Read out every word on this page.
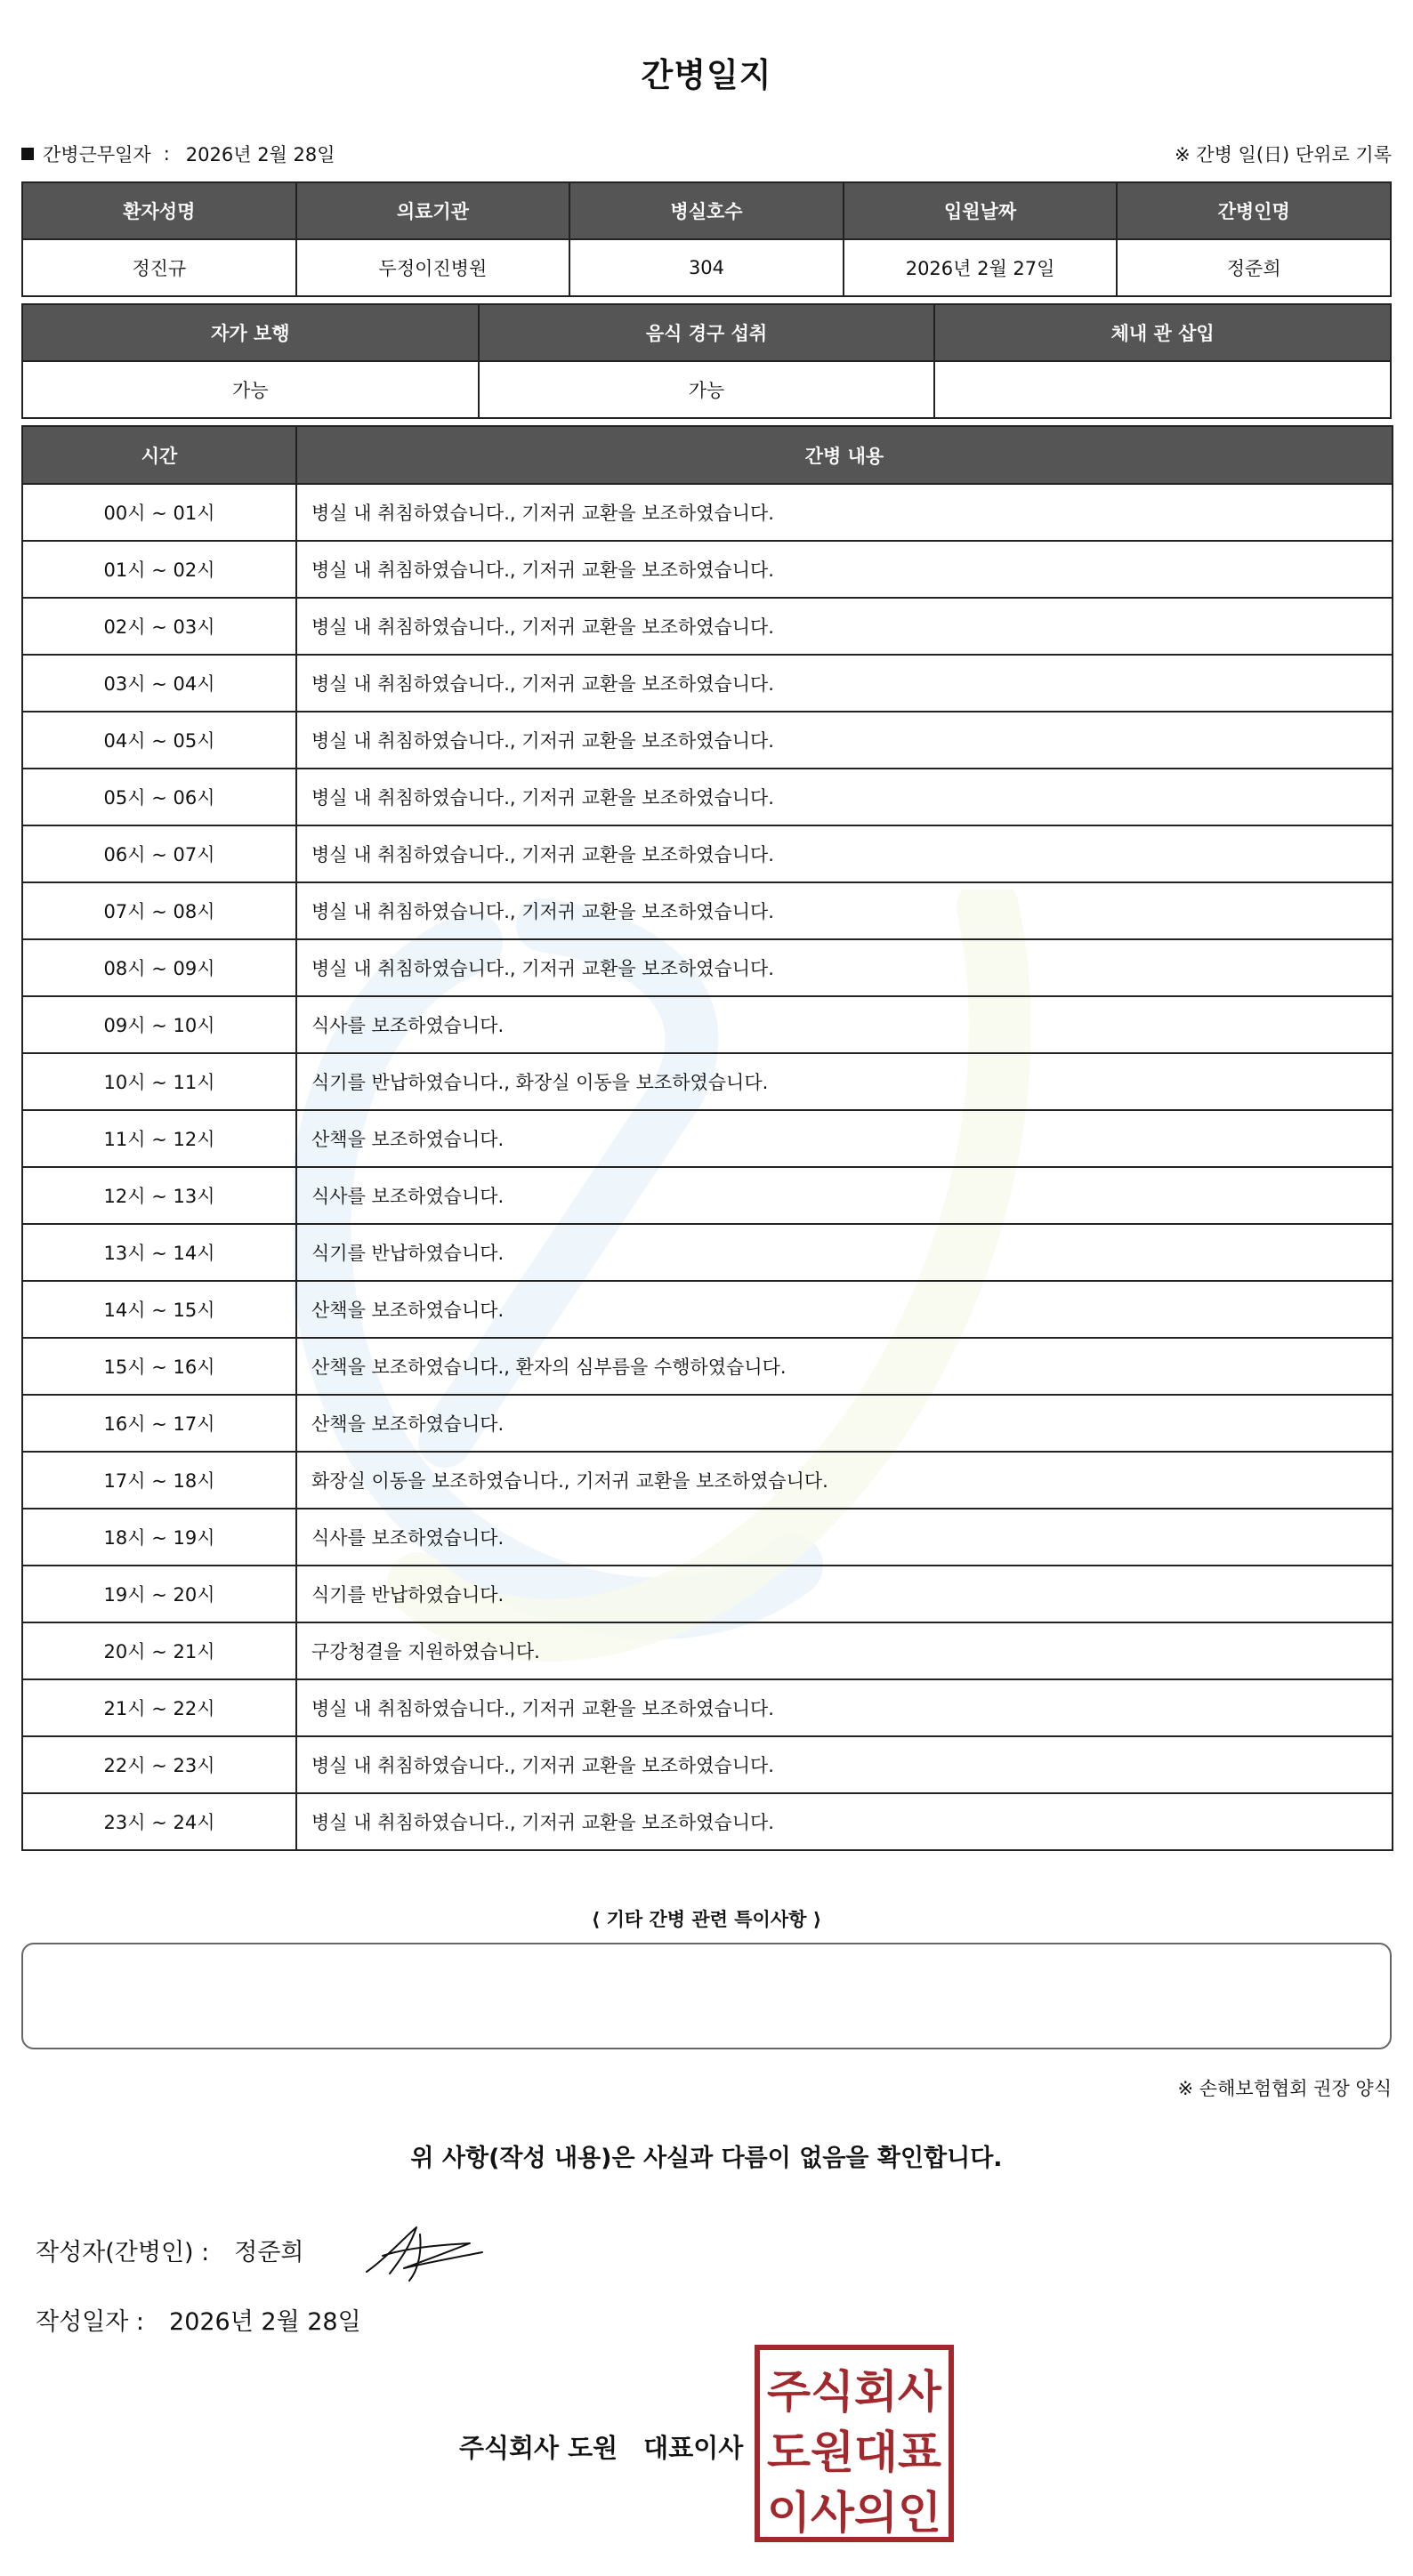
간병일지
간병근무일자 : 2026년 2월 28일	※ 간병 일(日) 단위로 기록
환자성명	의료기관	병실호수	입원날짜	간병인명
정진규	두정이진병원	304	2026년 2월 27일	정준희
자가 보행	음식 경구 섭취	체내 관 삽입
가능	가능	
시간	간병 내용
00시 ~ 01시	병실 내 취침하였습니다., 기저귀 교환을 보조하였습니다.
01시 ~ 02시	병실 내 취침하였습니다., 기저귀 교환을 보조하였습니다.
02시 ~ 03시	병실 내 취침하였습니다., 기저귀 교환을 보조하였습니다.
03시 ~ 04시	병실 내 취침하였습니다., 기저귀 교환을 보조하였습니다.
04시 ~ 05시	병실 내 취침하였습니다., 기저귀 교환을 보조하였습니다.
05시 ~ 06시	병실 내 취침하였습니다., 기저귀 교환을 보조하였습니다.
06시 ~ 07시	병실 내 취침하였습니다., 기저귀 교환을 보조하였습니다.
07시 ~ 08시	병실 내 취침하였습니다., 기저귀 교환을 보조하였습니다.
08시 ~ 09시	병실 내 취침하였습니다., 기저귀 교환을 보조하였습니다.
09시 ~ 10시	식사를 보조하였습니다.
10시 ~ 11시	식기를 반납하였습니다., 화장실 이동을 보조하였습니다.
11시 ~ 12시	산책을 보조하였습니다.
12시 ~ 13시	식사를 보조하였습니다.
13시 ~ 14시	식기를 반납하였습니다.
14시 ~ 15시	산책을 보조하였습니다.
15시 ~ 16시	산책을 보조하였습니다., 환자의 심부름을 수행하였습니다.
16시 ~ 17시	산책을 보조하였습니다.
17시 ~ 18시	화장실 이동을 보조하였습니다., 기저귀 교환을 보조하였습니다.
18시 ~ 19시	식사를 보조하였습니다.
19시 ~ 20시	식기를 반납하였습니다.
20시 ~ 21시	구강청결을 지원하였습니다.
21시 ~ 22시	병실 내 취침하였습니다., 기저귀 교환을 보조하였습니다.
22시 ~ 23시	병실 내 취침하였습니다., 기저귀 교환을 보조하였습니다.
23시 ~ 24시	병실 내 취침하였습니다., 기저귀 교환을 보조하였습니다.
⟨ 기타 간병 관련 특이사항 ⟩
※ 손해보험협회 권장 양식
위 사항(작성 내용)은 사실과 다름이 없음을 확인합니다.
작성자(간병인) : 정준희
작성일자 : 2026년 2월 28일
주식회사 도원　대표이사
주식회사
도원대표
이사의인
